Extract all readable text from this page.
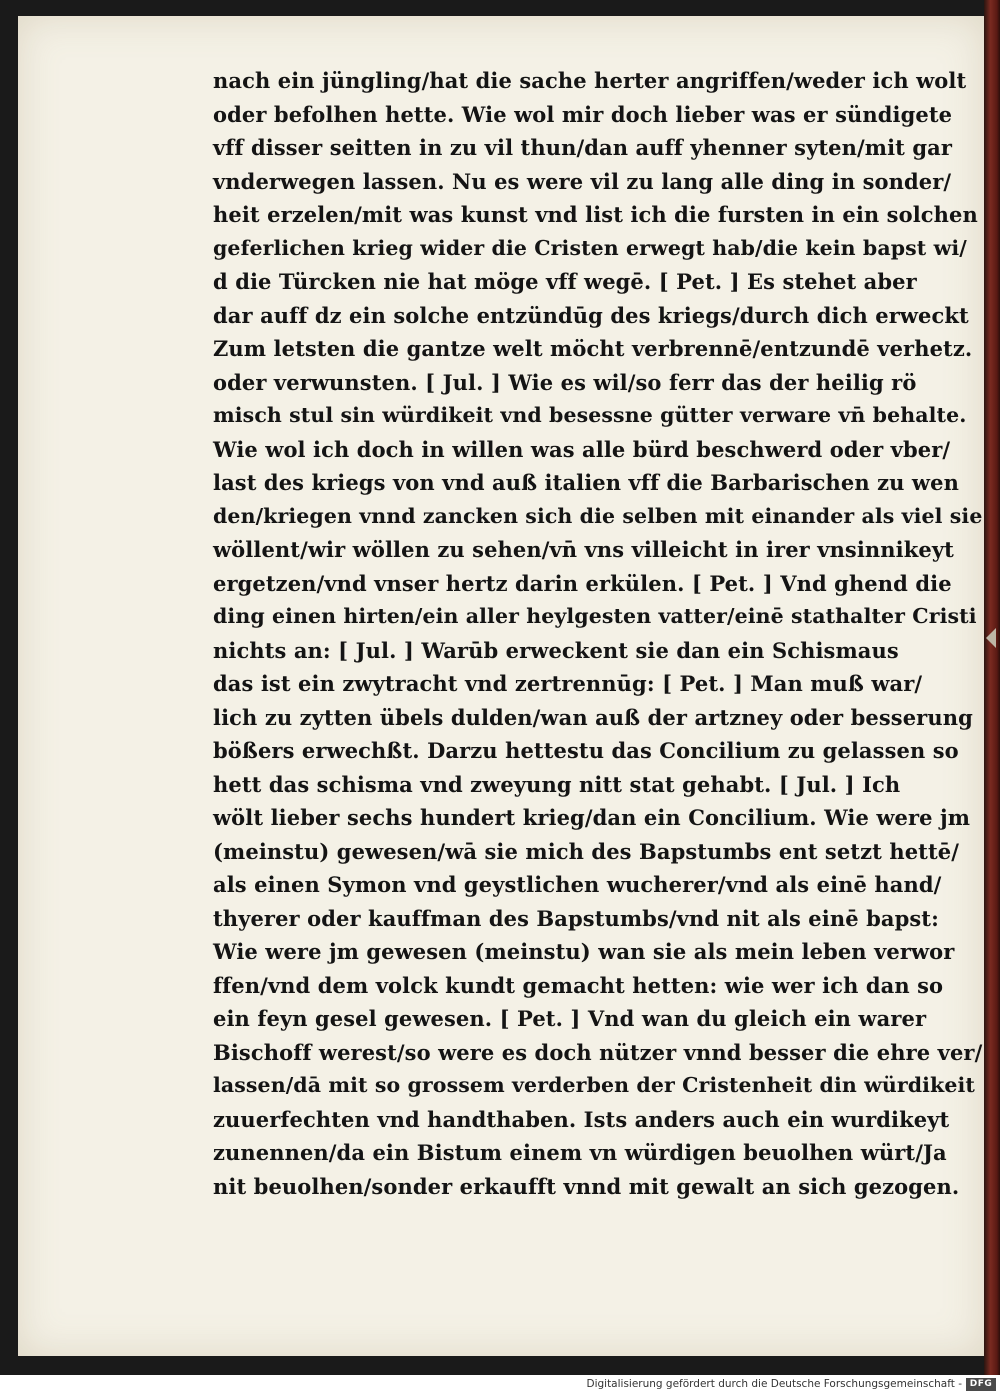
nach ein jüngling/hat die sache herter angriffen/weder ich wolt
oder befolhen hette. Wie wol mir doch lieber was er sündigete
vff disser seitten in zu vil thun/dan auff yhenner syten/mit gar
vnderwegen lassen. Nu es were vil zu lang alle ding in sonder/
heit erzelen/mit was kunst vnd list ich die fursten in ein solchen
geferlichen krieg wider die Cristen erwegt hab/die kein bapst wi/
d die Türcken nie hat möge vff wegē. [ Pet. ] Es stehet aber
dar auff dz ein solche entzündūg des kriegs/durch dich erweckt
Zum letsten die gantze welt möcht verbrennē/entzundē verhetz.
oder verwunsten. [ Jul. ] Wie es wil/so ferr das der heilig rö
misch stul sin würdikeit vnd besessne gütter verware vn̄ behalte.
Wie wol ich doch in willen was alle bürd beschwerd oder vber/
last des kriegs von vnd auß italien vff die Barbarischen zu wen
den/kriegen vnnd zancken sich die selben mit einander als viel sie
wöllent/wir wöllen zu sehen/vn̄ vns villeicht in irer vnsinnikeyt
ergetzen/vnd vnser hertz darin erkülen. [ Pet. ] Vnd ghend die
ding einen hirten/ein aller heylgesten vatter/einē stathalter Cristi
nichts an: [ Jul. ] Warūb erweckent sie dan ein Schismaus
das ist ein zwytracht vnd zertrennūg: [ Pet. ] Man muß war/
lich zu zytten übels dulden/wan auß der artzney oder besserung
bößers erwechßt. Darzu hettestu das Concilium zu gelassen so
hett das schisma vnd zweyung nitt stat gehabt. [ Jul. ] Ich
wölt lieber sechs hundert krieg/dan ein Concilium. Wie were jm
(meinstu) gewesen/wā sie mich des Bapstumbs ent setzt hettē/
als einen Symon vnd geystlichen wucherer/vnd als einē hand/
thyerer oder kauffman des Bapstumbs/vnd nit als einē bapst:
Wie were jm gewesen (meinstu) wan sie als mein leben verwor
ffen/vnd dem volck kundt gemacht hetten: wie wer ich dan so
ein feyn gesel gewesen. [ Pet. ] Vnd wan du gleich ein warer
Bischoff werest/so were es doch nützer vnnd besser die ehre ver/
lassen/dā mit so grossem verderben der Cristenheit din würdikeit
zuuerfechten vnd handthaben. Ists anders auch ein wurdikeyt
zunennen/da ein Bistum einem vn würdigen beuolhen würt/Ja
nit beuolhen/sonder erkaufft vnnd mit gewalt an sich gezogen.
Digitalisierung gefördert durch die Deutsche Forschungsgemeinschaft - DFG
